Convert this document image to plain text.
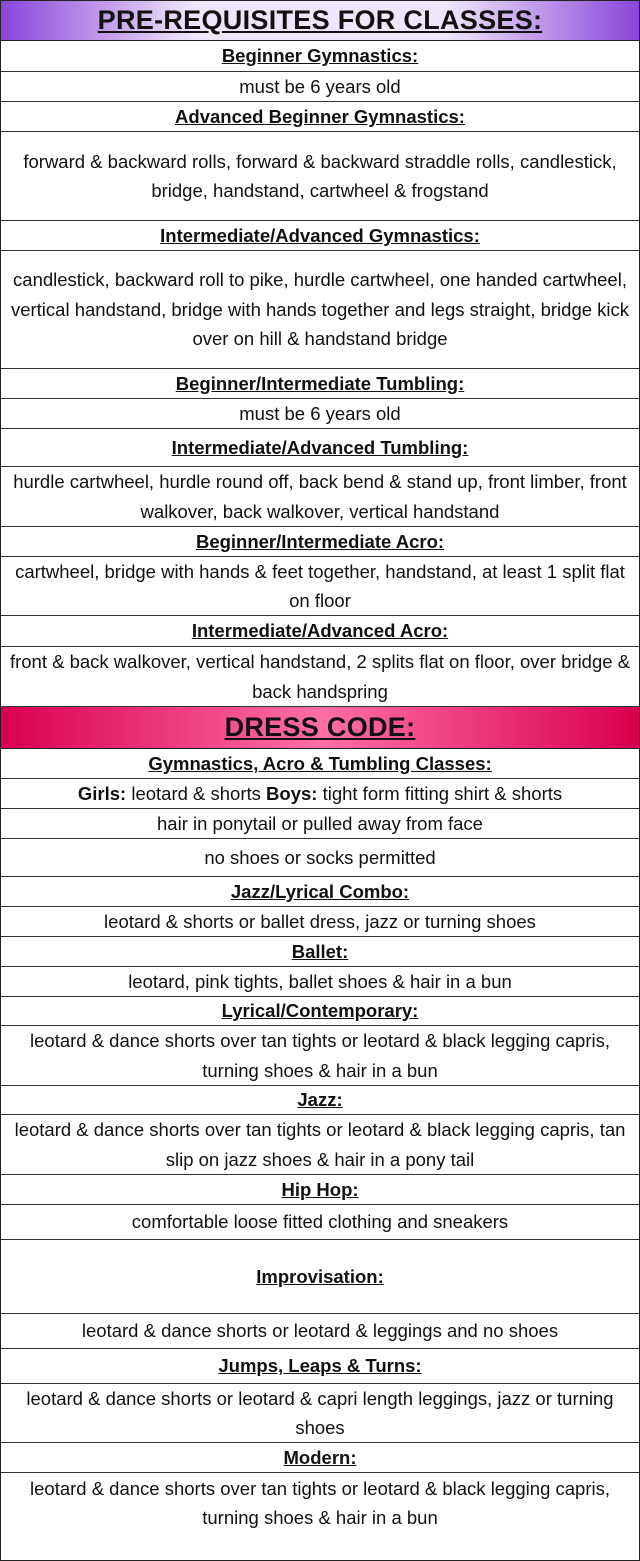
PRE-REQUISITES FOR CLASSES:
Beginner Gymnastics:
must be 6 years old
Advanced Beginner Gymnastics:
forward & backward rolls, forward & backward straddle rolls, candlestick, bridge, handstand, cartwheel & frogstand
Intermediate/Advanced Gymnastics:
candlestick, backward roll to pike, hurdle cartwheel, one handed cartwheel, vertical handstand, bridge with hands together and legs straight, bridge kick over on hill & handstand bridge
Beginner/Intermediate Tumbling:
must be 6 years old
Intermediate/Advanced Tumbling:
hurdle cartwheel, hurdle round off, back bend & stand up, front limber, front walkover, back walkover, vertical handstand
Beginner/Intermediate Acro:
cartwheel, bridge with hands & feet together, handstand, at least 1 split flat on floor
Intermediate/Advanced Acro:
front & back walkover, vertical handstand, 2 splits flat on floor, over bridge & back handspring
DRESS CODE:
Gymnastics, Acro & Tumbling Classes:
Girls: leotard & shorts Boys: tight form fitting shirt & shorts
hair in ponytail or pulled away from face
no shoes or socks permitted
Jazz/Lyrical Combo:
leotard & shorts or ballet dress, jazz or turning shoes
Ballet:
leotard, pink tights, ballet shoes & hair in a bun
Lyrical/Contemporary:
leotard & dance shorts over tan tights or leotard & black legging capris, turning shoes & hair in a bun
Jazz:
leotard & dance shorts over tan tights or leotard & black legging capris, tan slip on jazz shoes & hair in a pony tail
Hip Hop:
comfortable loose fitted clothing and sneakers
Improvisation:
leotard & dance shorts or leotard & leggings and no shoes
Jumps, Leaps & Turns:
leotard & dance shorts or leotard & capri length leggings, jazz or turning shoes
Modern:
leotard & dance shorts over tan tights or leotard & black legging capris, turning shoes & hair in a bun
